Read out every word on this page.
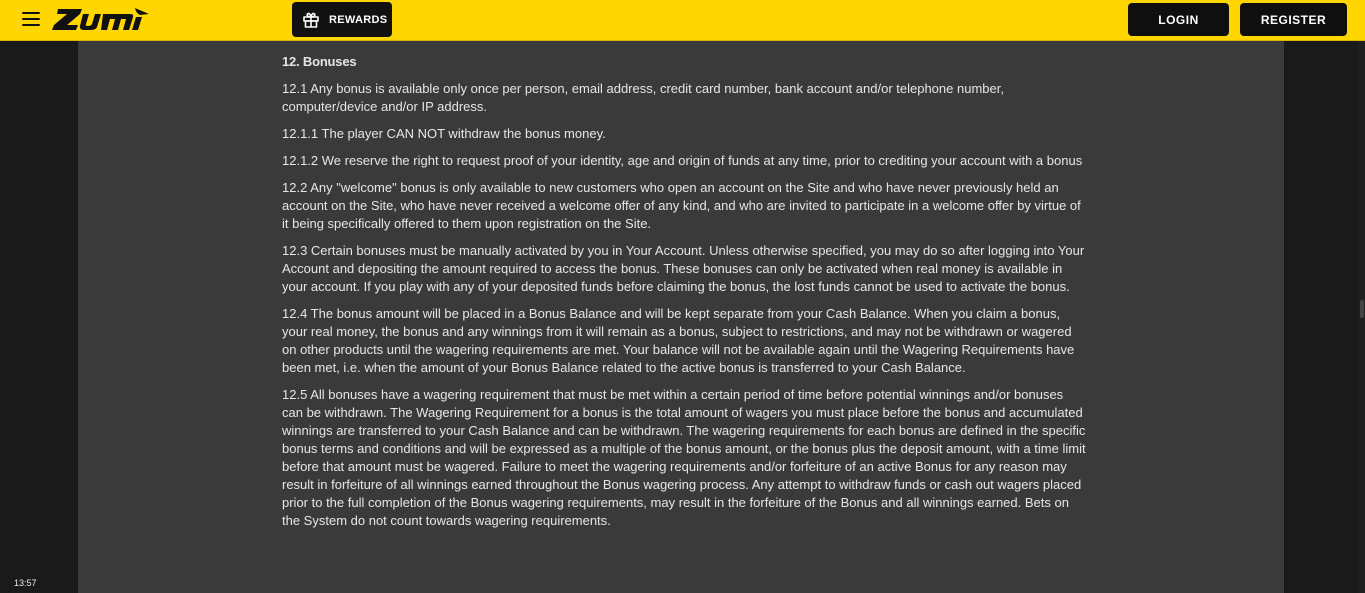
REWARDS	LOGIN	REGISTER
12. Bonuses

12.1 Any bonus is available only once per person, email address, credit card number, bank account and/or telephone number, computer/device and/or IP address.

12.1.1 The player CAN NOT withdraw the bonus money.

12.1.2 We reserve the right to request proof of your identity, age and origin of funds at any time, prior to crediting your account with a bonus

12.2 Any "welcome" bonus is only available to new customers who open an account on the Site and who have never previously held an account on the Site, who have never received a welcome offer of any kind, and who are invited to participate in a welcome offer by virtue of it being specifically offered to them upon registration on the Site.

12.3 Certain bonuses must be manually activated by you in Your Account. Unless otherwise specified, you may do so after logging into Your Account and depositing the amount required to access the bonus. These bonuses can only be activated when real money is available in your account. If you play with any of your deposited funds before claiming the bonus, the lost funds cannot be used to activate the bonus.

12.4 The bonus amount will be placed in a Bonus Balance and will be kept separate from your Cash Balance. When you claim a bonus, your real money, the bonus and any winnings from it will remain as a bonus, subject to restrictions, and may not be withdrawn or wagered on other products until the wagering requirements are met. Your balance will not be available again until the Wagering Requirements have been met, i.e. when the amount of your Bonus Balance related to the active bonus is transferred to your Cash Balance.

12.5 All bonuses have a wagering requirement that must be met within a certain period of time before potential winnings and/or bonuses can be withdrawn. The Wagering Requirement for a bonus is the total amount of wagers you must place before the bonus and accumulated winnings are transferred to your Cash Balance and can be withdrawn. The wagering requirements for each bonus are defined in the specific bonus terms and conditions and will be expressed as a multiple of the bonus amount, or the bonus plus the deposit amount, with a time limit before that amount must be wagered. Failure to meet the wagering requirements and/or forfeiture of an active Bonus for any reason may result in forfeiture of all winnings earned throughout the Bonus wagering process. Any attempt to withdraw funds or cash out wagers placed prior to the full completion of the Bonus wagering requirements, may result in the forfeiture of the Bonus and all winnings earned. Bets on the System do not count towards wagering requirements.

13:57
